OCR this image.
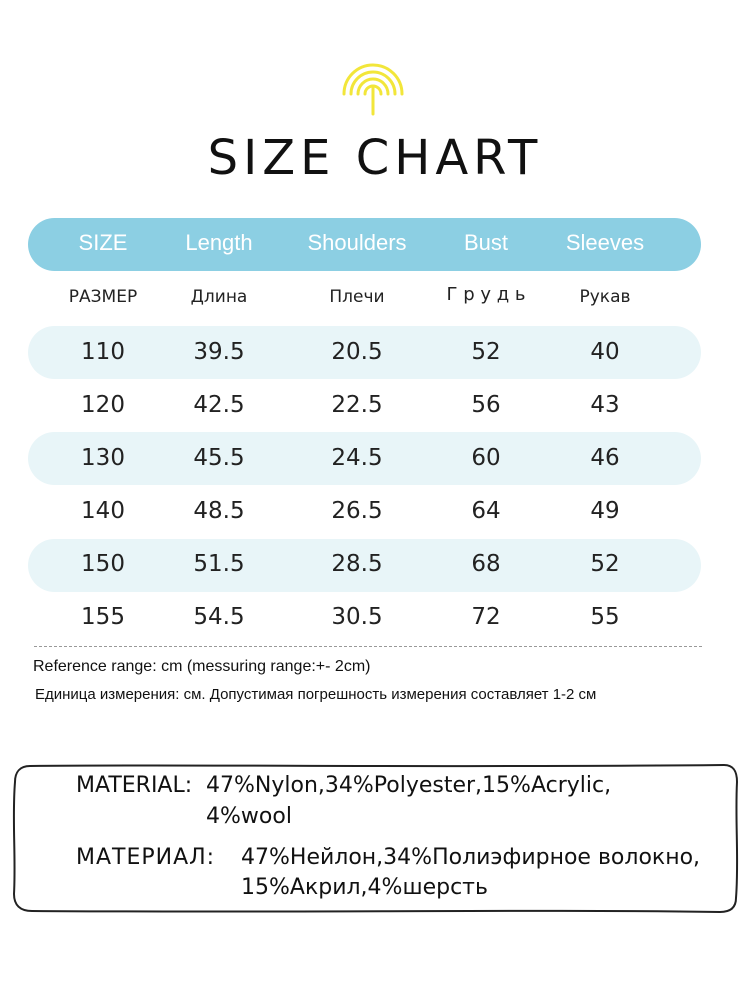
SIZE CHART
SIZE	Length	Shoulders	Bust	Sleeves
РАЗМЕР	Длина	Плечи	Г р у д ь	Рукав
110	39.5	20.5	52	40
120	42.5	22.5	56	43
130	45.5	24.5	60	46
140	48.5	26.5	64	49
150	51.5	28.5	68	52
155	54.5	30.5	72	55
Reference range: cm (messuring range:+- 2cm)
Единица измерения: см. Допустимая погрешность измерения составляет 1-2 см
MATERIAL: 47%Nylon,34%Polyester,15%Acrylic,
4%wool
МАТЕРИАЛ: 47%Нейлон,34%Полиэфирное волокно,
15%Акрил,4%шерсть
